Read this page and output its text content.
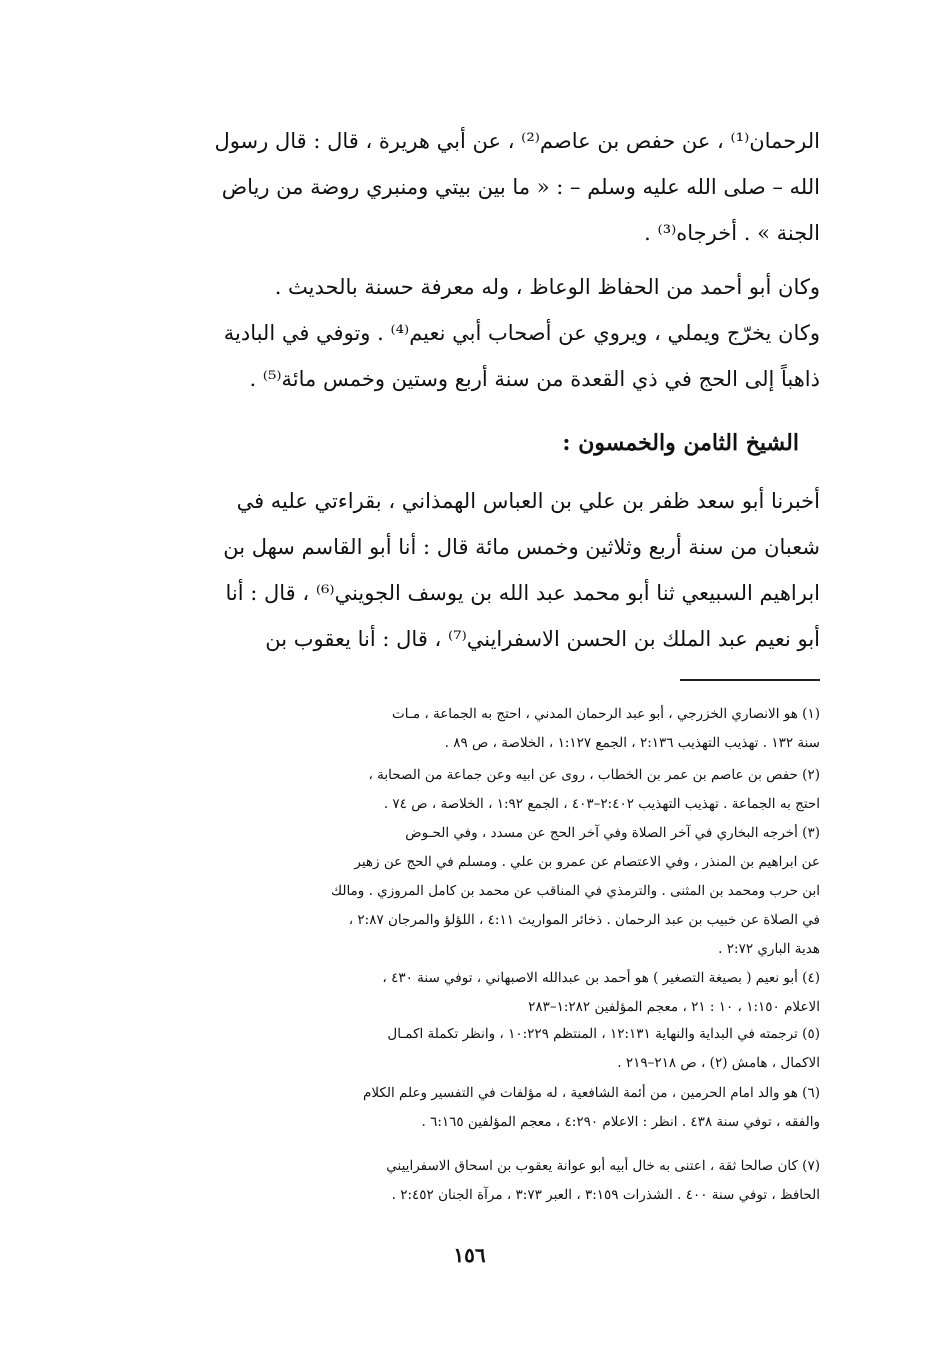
الرحمان⁽¹⁾ ، عن حفص بن عاصم⁽²⁾ ، عن أبي هريرة ، قال : قال رسول

الله – صلى الله عليه وسلم – : « ما بين بيتي ومنبري روضة من رياض

الجنة » . أخرجاه⁽³⁾ .

وكان أبو أحمد من الحفاظ الوعاظ ، وله معرفة حسنة بالحديث .

وكان يخرّج ويملي ، ويروي عن أصحاب أبي نعيم⁽⁴⁾ . وتوفي في البادية

ذاهباً إلى الحج في ذي القعدة من سنة أربع وستين وخمس مائة⁽⁵⁾ .

الشيخ الثامن والخمسون :

أخبرنا أبو سعد ظفر بن علي بن العباس الهمذاني ، بقراءتي عليه في

شعبان من سنة أربع وثلاثين وخمس مائة قال : أنا أبو القاسم سهل بن

ابراهيم السبيعي ثنا أبو محمد عبد الله بن يوسف الجويني⁽⁶⁾ ، قال : أنا

أبو نعيم عبد الملك بن الحسن الاسفرايني⁽⁷⁾ ، قال : أنا يعقوب بن

(١) هو الانصاري الخزرجي ، أبو عبد الرحمان المدني ، احتج به الجماعة ، مـات

سنة ١٣٢ . تهذيب التهذيب ٢:١٣٦ ، الجمع ١:١٢٧ ، الخلاصة ، ص ٨٩ .

(٢) حفص بن عاصم بن عمر بن الخطاب ، روى عن ابيه وعن جماعة من الصحابة ،

احتج به الجماعة . تهذيب التهذيب ٢:٤٠٢–٤٠٣ ، الجمع ١:٩٢ ، الخلاصة ، ص ٧٤ .

(٣) أخرجه البخاري في آخر الصلاة وفي آخر الحج عن مسدد ، وفي الحـوض

عن ابراهيم بن المنذر ، وفي الاعتصام عن عمرو بن علي . ومسلم في الحج عن زهير

ابن حرب ومحمد بن المثنى . والترمذي في المناقب عن محمد بن كامل المروزي . ومالك

في الصلاة عن خبيب بن عبد الرحمان . ذخائر المواريث ٤:١١ ، اللؤلؤ والمرجان ٢:٨٧ ،

هدية الباري ٢:٧٢ .

(٤) أبو نعيم ( بصيغة التصغير ) هو أحمد بن عبدالله الاصبهاني ، توفي سنة ٤٣٠ ،

الاعلام ١:١٥٠ ، ١٠ : ٢١ ، معجم المؤلفين ١:٢٨٢–٢٨٣

(٥) ترجمته في البداية والنهاية ١٢:١٣١ ، المنتظم ١٠:٢٢٩ ، وانظر تكملة اكمـال

الاكمال ، هامش (٢) ، ص ٢١٨–٢١٩ .

(٦) هو والد امام الحرمين ، من أئمة الشافعية ، له مؤلفات في التفسير وعلم الكلام

والفقه ، توفي سنة ٤٣٨ . انظر : الاعلام ٤:٢٩٠ ، معجم المؤلفين ٦:١٦٥ .

(٧) كان صالحا ثقة ، اعتنى به خال أبيه أبو عوانة يعقوب بن اسحاق الاسفراييني

الحافظ ، توفي سنة ٤٠٠ . الشذرات ٣:١٥٩ ، العبر ٣:٧٣ ، مرآة الجنان ٢:٤٥٢ .

١٥٦
